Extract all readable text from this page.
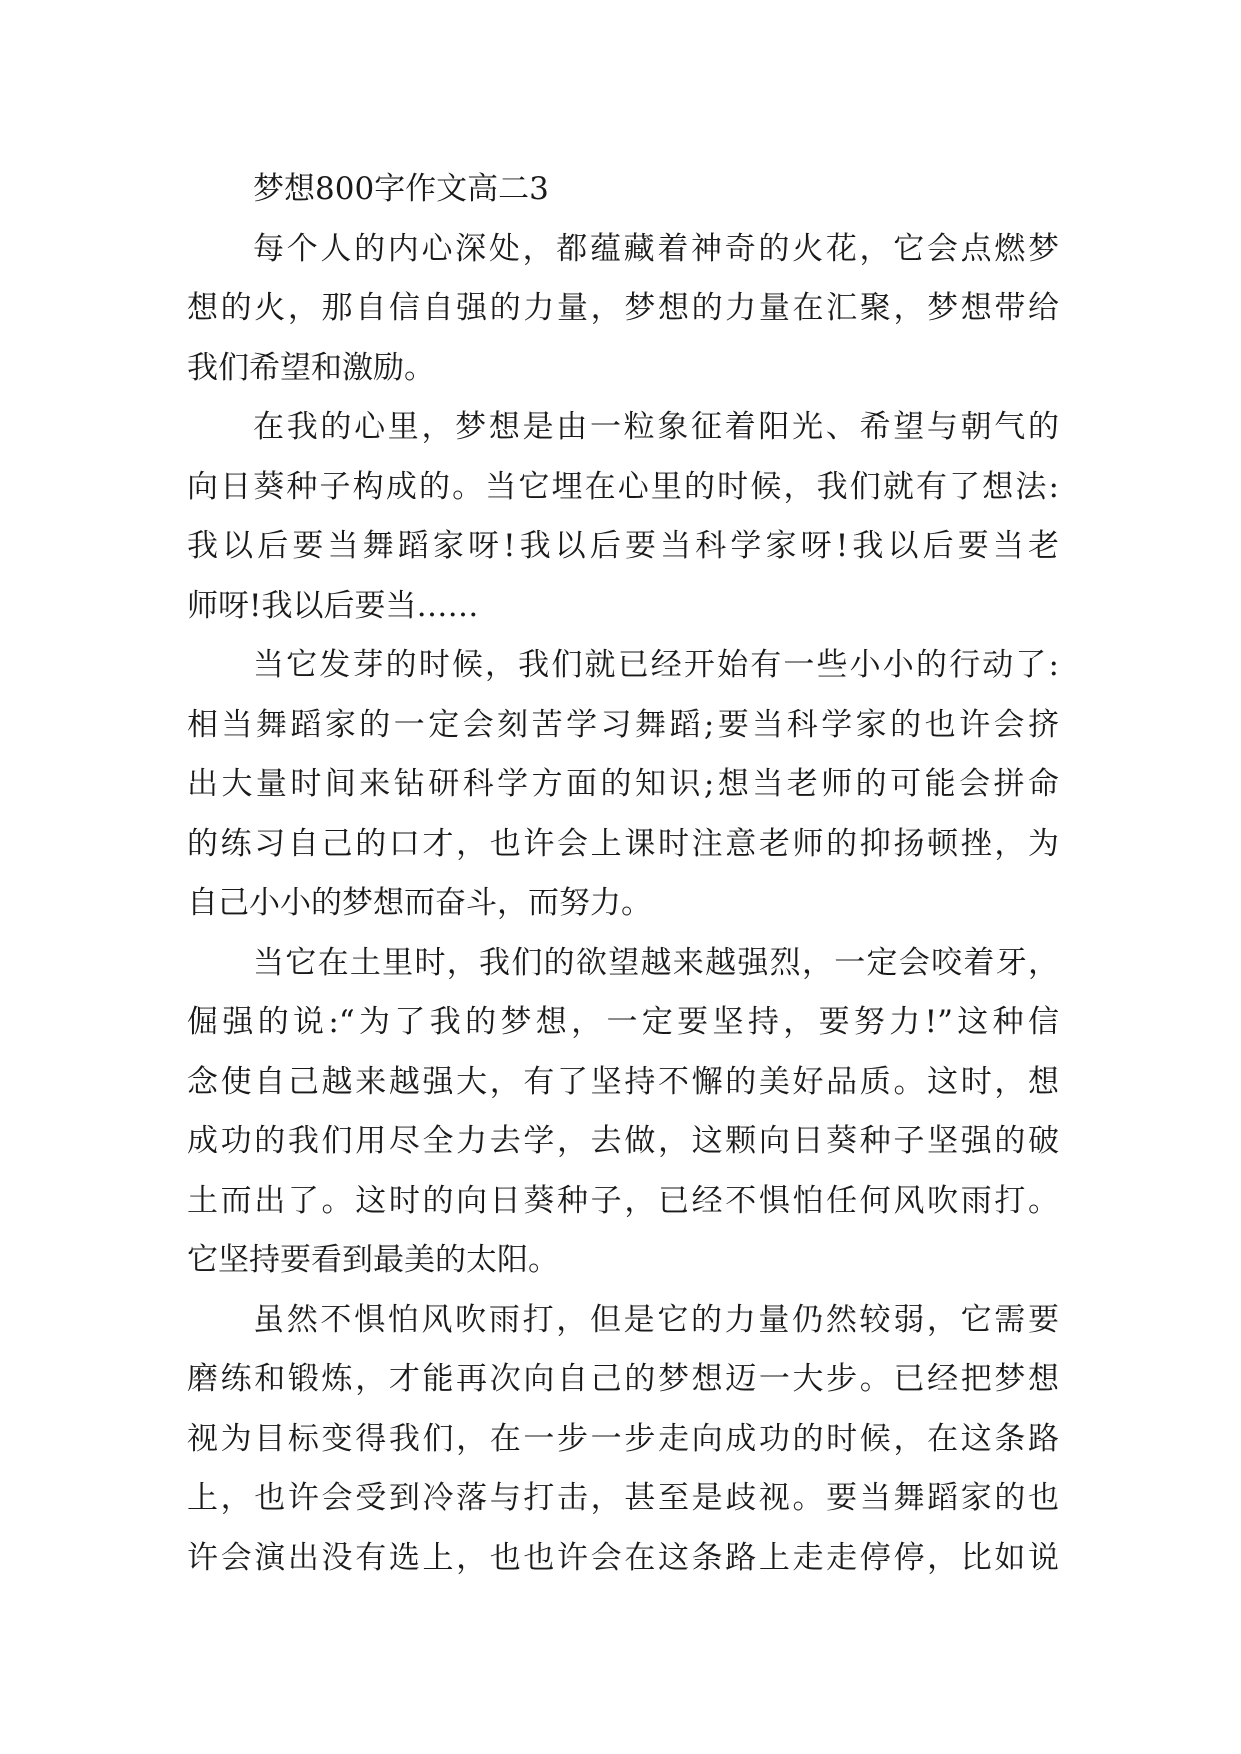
梦想800字作文高二3
每个人的内心深处，都蕴藏着神奇的火花，它会点燃梦
想的火，那自信自强的力量，梦想的力量在汇聚，梦想带给
我们希望和激励。
在我的心里，梦想是由一粒象征着阳光、希望与朝气的
向日葵种子构成的。当它埋在心里的时候，我们就有了想法:
我以后要当舞蹈家呀!我以后要当科学家呀!我以后要当老
师呀!我以后要当……
当它发芽的时候，我们就已经开始有一些小小的行动了:
相当舞蹈家的一定会刻苦学习舞蹈;要当科学家的也许会挤
出大量时间来钻研科学方面的知识;想当老师的可能会拼命
的练习自己的口才，也许会上课时注意老师的抑扬顿挫，为
自己小小的梦想而奋斗，而努力。
当它在土里时，我们的欲望越来越强烈，一定会咬着牙，
倔强的说:“为了我的梦想，一定要坚持，要努力!”这种信
念使自己越来越强大，有了坚持不懈的美好品质。这时，想
成功的我们用尽全力去学，去做，这颗向日葵种子坚强的破
土而出了。这时的向日葵种子，已经不惧怕任何风吹雨打。
它坚持要看到最美的太阳。
虽然不惧怕风吹雨打，但是它的力量仍然较弱，它需要
磨练和锻炼，才能再次向自己的梦想迈一大步。已经把梦想
视为目标变得我们，在一步一步走向成功的时候，在这条路
上，也许会受到冷落与打击，甚至是歧视。要当舞蹈家的也
许会演出没有选上，也也许会在这条路上走走停停，比如说
